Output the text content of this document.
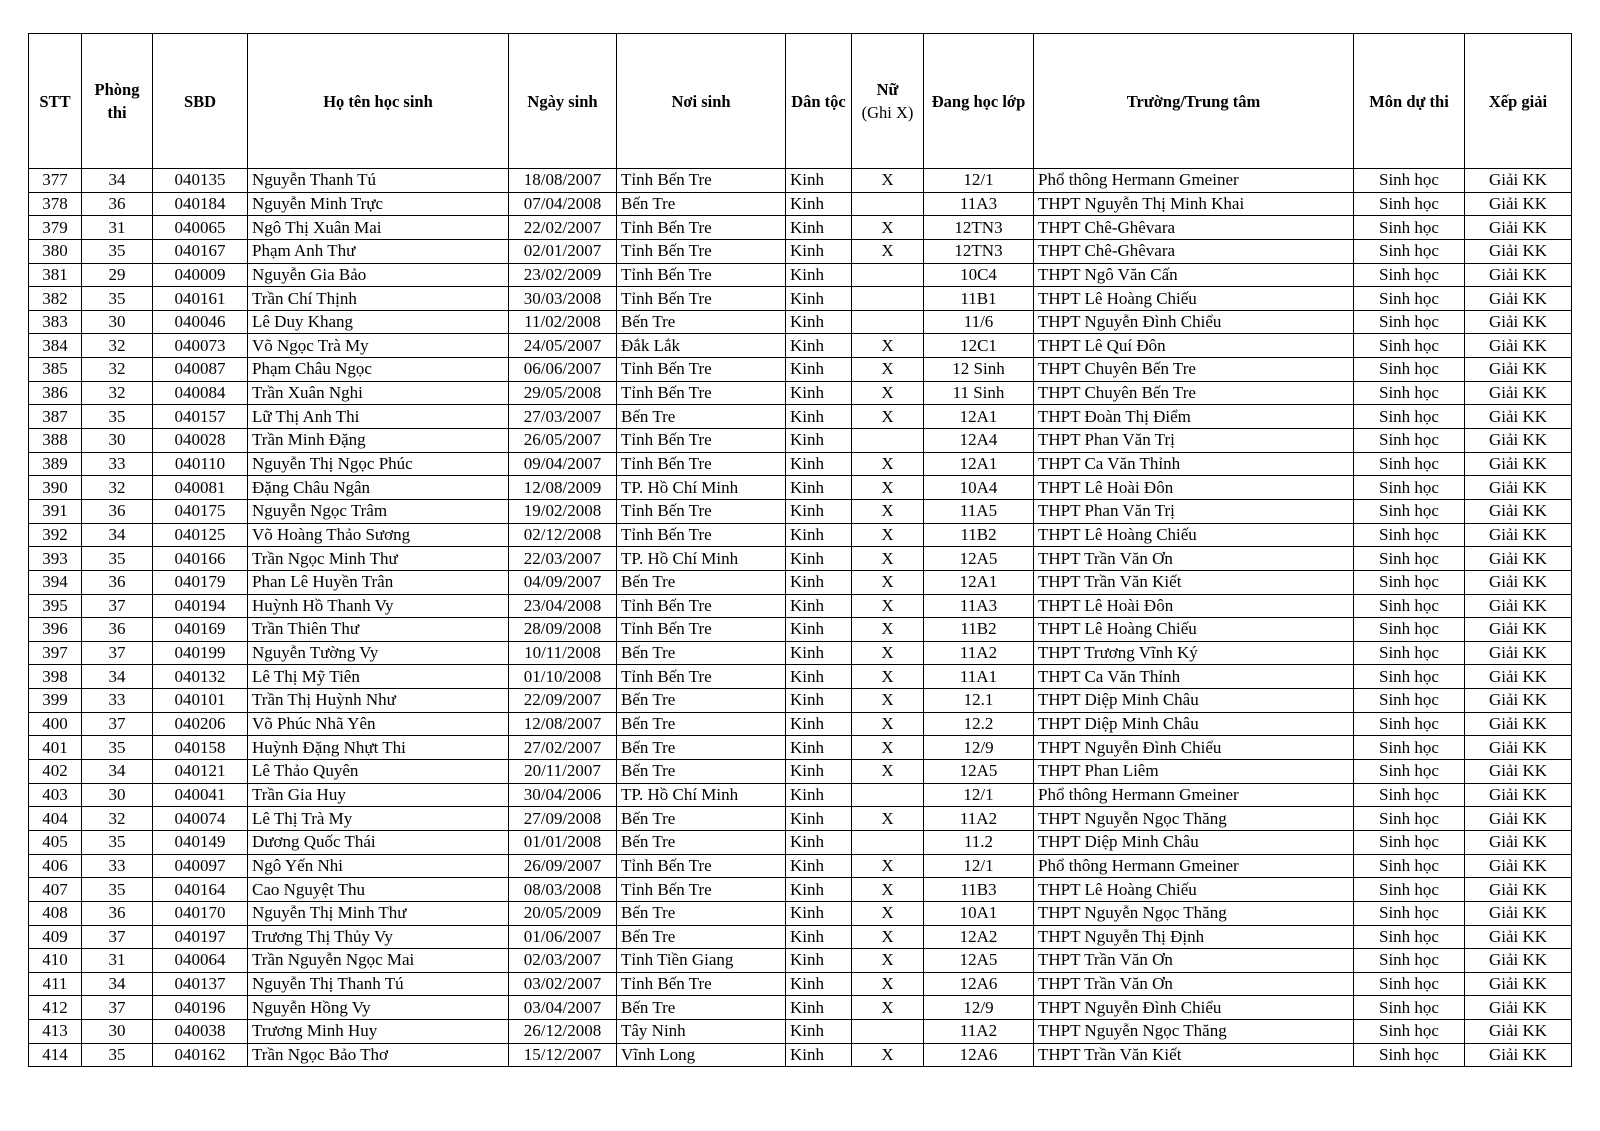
STT	Phòng thi	SBD	Họ tên học sinh	Ngày sinh	Nơi sinh	Dân tộc	Nữ
(Ghi X)	Đang học lớp	Trường/Trung tâm	Môn dự thi	Xếp giải
377	34	040135	Nguyễn Thanh Tú	18/08/2007	Tỉnh Bến Tre	Kinh	X	12/1	Phổ thông Hermann Gmeiner	Sinh học	Giải KK
378	36	040184	Nguyễn Minh Trực	07/04/2008	Bến Tre	Kinh		11A3	THPT Nguyễn Thị Minh Khai	Sinh học	Giải KK
379	31	040065	Ngô Thị Xuân Mai	22/02/2007	Tỉnh Bến Tre	Kinh	X	12TN3	THPT Chê-Ghêvara	Sinh học	Giải KK
380	35	040167	Phạm Anh Thư	02/01/2007	Tỉnh Bến Tre	Kinh	X	12TN3	THPT Chê-Ghêvara	Sinh học	Giải KK
381	29	040009	Nguyễn Gia Bảo	23/02/2009	Tỉnh Bến Tre	Kinh		10C4	THPT Ngô Văn Cấn	Sinh học	Giải KK
382	35	040161	Trần Chí Thịnh	30/03/2008	Tỉnh Bến Tre	Kinh		11B1	THPT Lê Hoàng Chiếu	Sinh học	Giải KK
383	30	040046	Lê Duy Khang	11/02/2008	Bến Tre	Kinh		11/6	THPT Nguyễn Đình Chiểu	Sinh học	Giải KK
384	32	040073	Võ Ngọc Trà My	24/05/2007	Đắk Lắk	Kinh	X	12C1	THPT Lê Quí Đôn	Sinh học	Giải KK
385	32	040087	Phạm Châu Ngọc	06/06/2007	Tỉnh Bến Tre	Kinh	X	12 Sinh	THPT Chuyên Bến Tre	Sinh học	Giải KK
386	32	040084	Trần Xuân Nghi	29/05/2008	Tỉnh Bến Tre	Kinh	X	11 Sinh	THPT Chuyên Bến Tre	Sinh học	Giải KK
387	35	040157	Lữ Thị Anh Thi	27/03/2007	Bến Tre	Kinh	X	12A1	THPT Đoàn Thị Điểm	Sinh học	Giải KK
388	30	040028	Trần Minh Đặng	26/05/2007	Tỉnh Bến Tre	Kinh		12A4	THPT Phan Văn Trị	Sinh học	Giải KK
389	33	040110	Nguyễn Thị Ngọc Phúc	09/04/2007	Tỉnh Bến Tre	Kinh	X	12A1	THPT Ca Văn Thỉnh	Sinh học	Giải KK
390	32	040081	Đặng Châu Ngân	12/08/2009	TP. Hồ Chí Minh	Kinh	X	10A4	THPT Lê Hoài Đôn	Sinh học	Giải KK
391	36	040175	Nguyễn Ngọc Trâm	19/02/2008	Tỉnh Bến Tre	Kinh	X	11A5	THPT Phan Văn Trị	Sinh học	Giải KK
392	34	040125	Võ Hoàng Thảo Sương	02/12/2008	Tỉnh Bến Tre	Kinh	X	11B2	THPT Lê Hoàng Chiếu	Sinh học	Giải KK
393	35	040166	Trần Ngọc Minh Thư	22/03/2007	TP. Hồ Chí Minh	Kinh	X	12A5	THPT Trần Văn Ơn	Sinh học	Giải KK
394	36	040179	Phan Lê Huyền Trân	04/09/2007	Bến Tre	Kinh	X	12A1	THPT Trần Văn Kiết	Sinh học	Giải KK
395	37	040194	Huỳnh Hồ Thanh Vy	23/04/2008	Tỉnh Bến Tre	Kinh	X	11A3	THPT Lê Hoài Đôn	Sinh học	Giải KK
396	36	040169	Trần Thiên Thư	28/09/2008	Tỉnh Bến Tre	Kinh	X	11B2	THPT Lê Hoàng Chiếu	Sinh học	Giải KK
397	37	040199	Nguyễn Tường Vy	10/11/2008	Bến Tre	Kinh	X	11A2	THPT Trương Vĩnh Ký	Sinh học	Giải KK
398	34	040132	Lê Thị Mỹ Tiên	01/10/2008	Tỉnh Bến Tre	Kinh	X	11A1	THPT Ca Văn Thỉnh	Sinh học	Giải KK
399	33	040101	Trần Thị Huỳnh Như	22/09/2007	Bến Tre	Kinh	X	12.1	THPT Diệp Minh Châu	Sinh học	Giải KK
400	37	040206	Võ Phúc Nhã Yên	12/08/2007	Bến Tre	Kinh	X	12.2	THPT Diệp Minh Châu	Sinh học	Giải KK
401	35	040158	Huỳnh Đặng Nhựt Thi	27/02/2007	Bến Tre	Kinh	X	12/9	THPT Nguyễn Đình Chiểu	Sinh học	Giải KK
402	34	040121	Lê Thảo Quyên	20/11/2007	Bến Tre	Kinh	X	12A5	THPT Phan Liêm	Sinh học	Giải KK
403	30	040041	Trần Gia Huy	30/04/2006	TP. Hồ Chí Minh	Kinh		12/1	Phổ thông Hermann Gmeiner	Sinh học	Giải KK
404	32	040074	Lê Thị Trà My	27/09/2008	Bến Tre	Kinh	X	11A2	THPT Nguyễn Ngọc Thăng	Sinh học	Giải KK
405	35	040149	Dương Quốc Thái	01/01/2008	Bến Tre	Kinh		11.2	THPT Diệp Minh Châu	Sinh học	Giải KK
406	33	040097	Ngô Yến Nhi	26/09/2007	Tỉnh Bến Tre	Kinh	X	12/1	Phổ thông Hermann Gmeiner	Sinh học	Giải KK
407	35	040164	Cao Nguyệt Thu	08/03/2008	Tỉnh Bến Tre	Kinh	X	11B3	THPT Lê Hoàng Chiếu	Sinh học	Giải KK
408	36	040170	Nguyễn Thị Minh Thư	20/05/2009	Bến Tre	Kinh	X	10A1	THPT Nguyễn Ngọc Thăng	Sinh học	Giải KK
409	37	040197	Trương Thị Thủy Vy	01/06/2007	Bến Tre	Kinh	X	12A2	THPT Nguyễn Thị Định	Sinh học	Giải KK
410	31	040064	Trần Nguyễn Ngọc Mai	02/03/2007	Tỉnh Tiền Giang	Kinh	X	12A5	THPT Trần Văn Ơn	Sinh học	Giải KK
411	34	040137	Nguyễn Thị Thanh Tú	03/02/2007	Tỉnh Bến Tre	Kinh	X	12A6	THPT Trần Văn Ơn	Sinh học	Giải KK
412	37	040196	Nguyễn Hồng Vy	03/04/2007	Bến Tre	Kinh	X	12/9	THPT Nguyễn Đình Chiểu	Sinh học	Giải KK
413	30	040038	Trương Minh Huy	26/12/2008	Tây Ninh	Kinh		11A2	THPT Nguyễn Ngọc Thăng	Sinh học	Giải KK
414	35	040162	Trần Ngọc Bảo Thơ	15/12/2007	Vĩnh Long	Kinh	X	12A6	THPT Trần Văn Kiết	Sinh học	Giải KK
